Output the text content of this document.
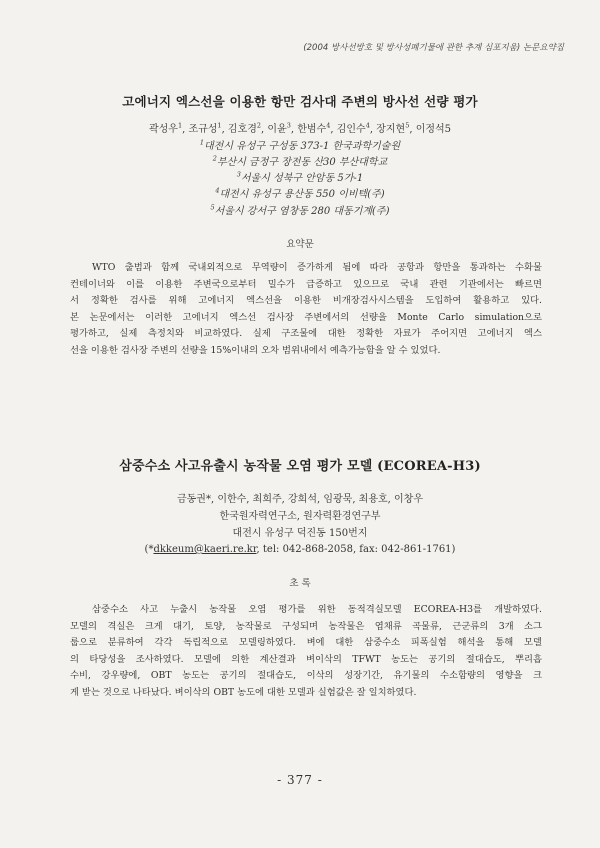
(2004 방사선방호 및 방사성폐기물에 관한 추계 심포지움) 논문요약집
고에너지 엑스선을 이용한 항만 검사대 주변의 방사선 선량 평가
곽성우$^1$, 조규성$^1$, 김호경$^2$, 이윤$^3$, 한범수$^4$, 김인수$^4$, 장지현$^5$, 이정석5
$^1$대전시 유성구 구성동 373-1 한국과학기술원
$^2$부산시 금정구 장전동 산30 부산대학교
$^3$서울시 성북구 안암동 5가-1
$^4$대전시 유성구 용산동 550 이비텍(주)
$^5$서울시 강서구 염창동 280 대동기계(주)
요약문
WTO 출범과 함께 국내외적으로 무역량이 증가하게 됨에 따라 공항과 항만을 통과하는 수화물
컨테이너와 이를 이용한 주변국으로부터 밀수가 급증하고 있으므로 국내 관련 기관에서는 빠르면
서 정확한 검사를 위해 고에너지 엑스선을 이용한 비개장검사시스템을 도입하여 활용하고 있다.
본 논문에서는 이러한 고에너지 엑스선 검사장 주변에서의 선량을 Monte Carlo simulation으로
평가하고, 실제 측정치와 비교하였다. 실제 구조물에 대한 정확한 자료가 주어지면 고에너지 엑스
선을 이용한 검사장 주변의 선량을 15%이내의 오차 범위내에서 예측가능함을 알 수 있었다.
삼중수소 사고유출시 농작물 오염 평가 모델 (ECOREA-H3)
금동권*, 이한수, 최희주, 강희석, 임광묵, 최용호, 이창우
한국원자력연구소, 원자력환경연구부
대전시 유성구 덕진동 150번지
(*dkkeum@kaeri.re.kr, tel: 042-868-2058, fax: 042-861-1761)
초 록
삼중수소 사고 누출시 농작물 오염 평가를 위한 동적격실모델 ECOREA-H3를 개발하였다.
모델의 격실은 크게 대기, 토양, 농작물로 구성되며 농작물은 엽채류 곡물류, 근군류의 3개 소그
룹으로 분류하여 각각 독립적으로 모델링하였다. 벼에 대한 삼중수소 피폭실험 해석을 통해 모델
의 타당성을 조사하였다. 모델에 의한 계산결과 벼이삭의 TFWT 농도는 공기의 절대습도, 뿌리흡
수비, 강우량에, OBT 농도는 공기의 절대습도, 이삭의 성장기간, 유기물의 수소함량의 영향을 크
게 받는 것으로 나타났다. 벼이삭의 OBT 농도에 대한 모델과 실험값은 잘 일치하였다.
- 377 -
